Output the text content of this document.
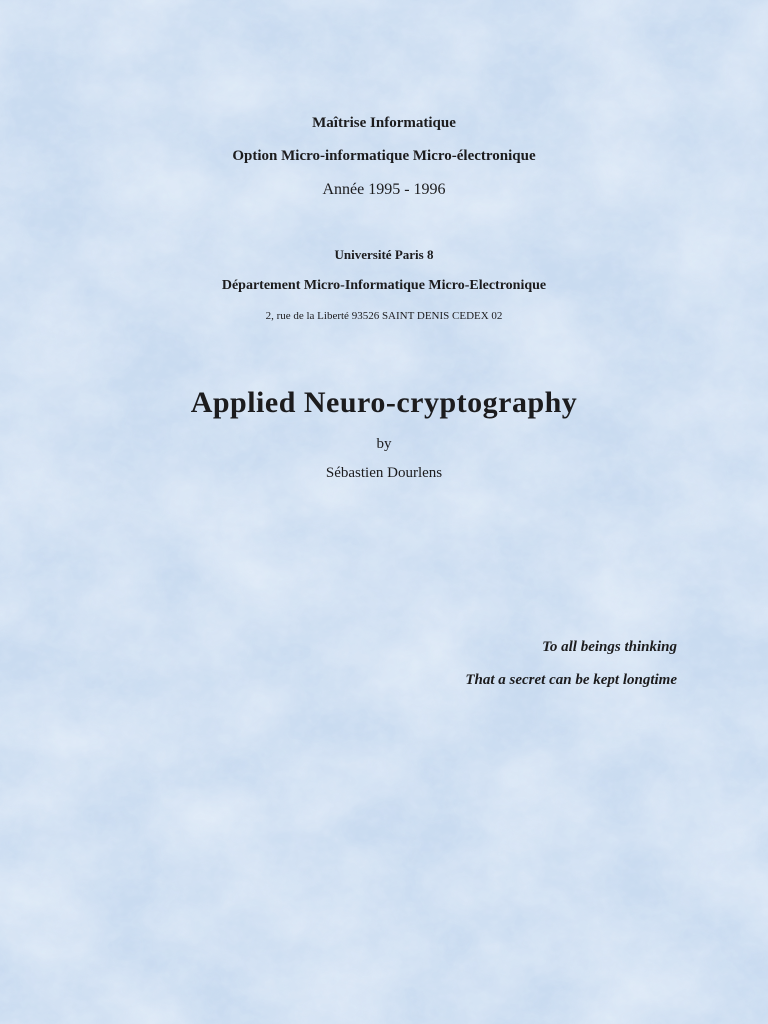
Maîtrise Informatique
Option Micro-informatique Micro-électronique
Année 1995 - 1996
Université Paris 8
Département Micro-Informatique Micro-Electronique
2, rue de la Liberté 93526 SAINT DENIS CEDEX 02
Applied Neuro-cryptography
by
Sébastien Dourlens
To all beings thinking
That a secret can be kept longtime
